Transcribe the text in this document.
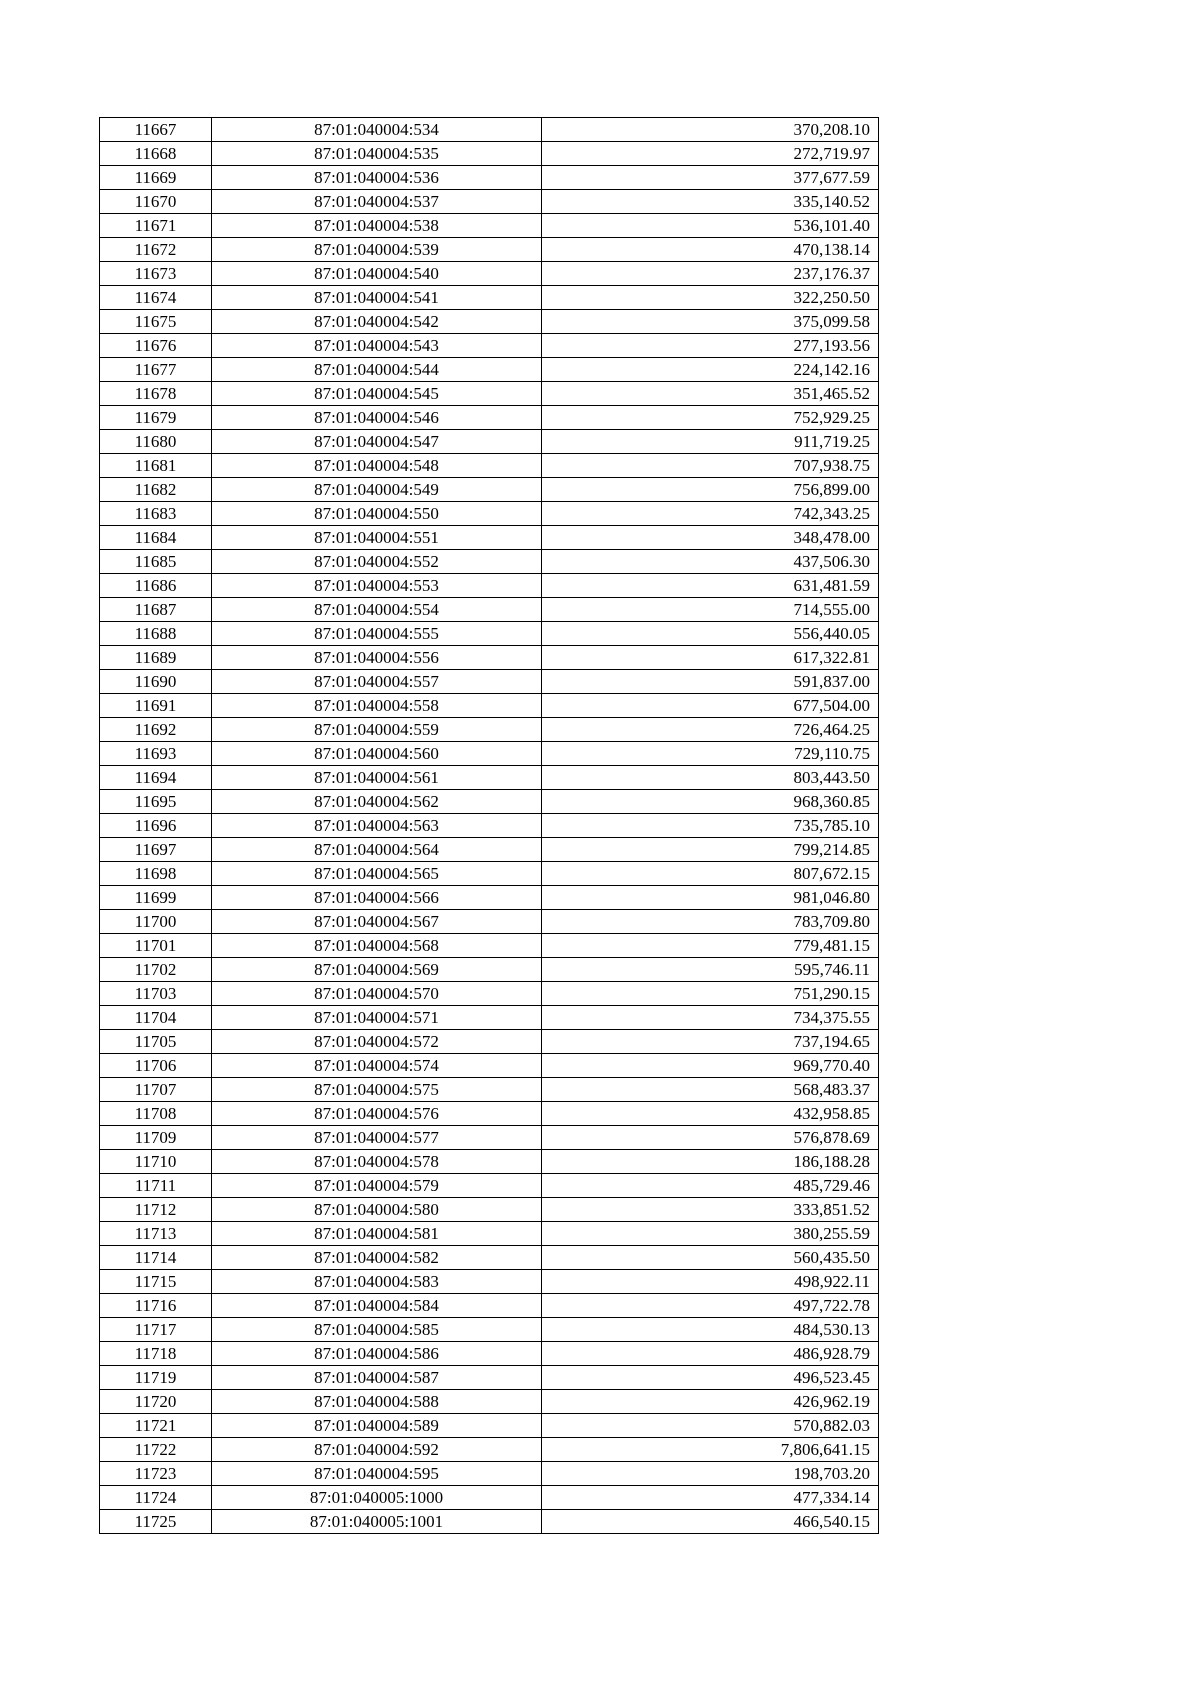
11667	87:01:040004:534	370,208.10
11668	87:01:040004:535	272,719.97
11669	87:01:040004:536	377,677.59
11670	87:01:040004:537	335,140.52
11671	87:01:040004:538	536,101.40
11672	87:01:040004:539	470,138.14
11673	87:01:040004:540	237,176.37
11674	87:01:040004:541	322,250.50
11675	87:01:040004:542	375,099.58
11676	87:01:040004:543	277,193.56
11677	87:01:040004:544	224,142.16
11678	87:01:040004:545	351,465.52
11679	87:01:040004:546	752,929.25
11680	87:01:040004:547	911,719.25
11681	87:01:040004:548	707,938.75
11682	87:01:040004:549	756,899.00
11683	87:01:040004:550	742,343.25
11684	87:01:040004:551	348,478.00
11685	87:01:040004:552	437,506.30
11686	87:01:040004:553	631,481.59
11687	87:01:040004:554	714,555.00
11688	87:01:040004:555	556,440.05
11689	87:01:040004:556	617,322.81
11690	87:01:040004:557	591,837.00
11691	87:01:040004:558	677,504.00
11692	87:01:040004:559	726,464.25
11693	87:01:040004:560	729,110.75
11694	87:01:040004:561	803,443.50
11695	87:01:040004:562	968,360.85
11696	87:01:040004:563	735,785.10
11697	87:01:040004:564	799,214.85
11698	87:01:040004:565	807,672.15
11699	87:01:040004:566	981,046.80
11700	87:01:040004:567	783,709.80
11701	87:01:040004:568	779,481.15
11702	87:01:040004:569	595,746.11
11703	87:01:040004:570	751,290.15
11704	87:01:040004:571	734,375.55
11705	87:01:040004:572	737,194.65
11706	87:01:040004:574	969,770.40
11707	87:01:040004:575	568,483.37
11708	87:01:040004:576	432,958.85
11709	87:01:040004:577	576,878.69
11710	87:01:040004:578	186,188.28
11711	87:01:040004:579	485,729.46
11712	87:01:040004:580	333,851.52
11713	87:01:040004:581	380,255.59
11714	87:01:040004:582	560,435.50
11715	87:01:040004:583	498,922.11
11716	87:01:040004:584	497,722.78
11717	87:01:040004:585	484,530.13
11718	87:01:040004:586	486,928.79
11719	87:01:040004:587	496,523.45
11720	87:01:040004:588	426,962.19
11721	87:01:040004:589	570,882.03
11722	87:01:040004:592	7,806,641.15
11723	87:01:040004:595	198,703.20
11724	87:01:040005:1000	477,334.14
11725	87:01:040005:1001	466,540.15
